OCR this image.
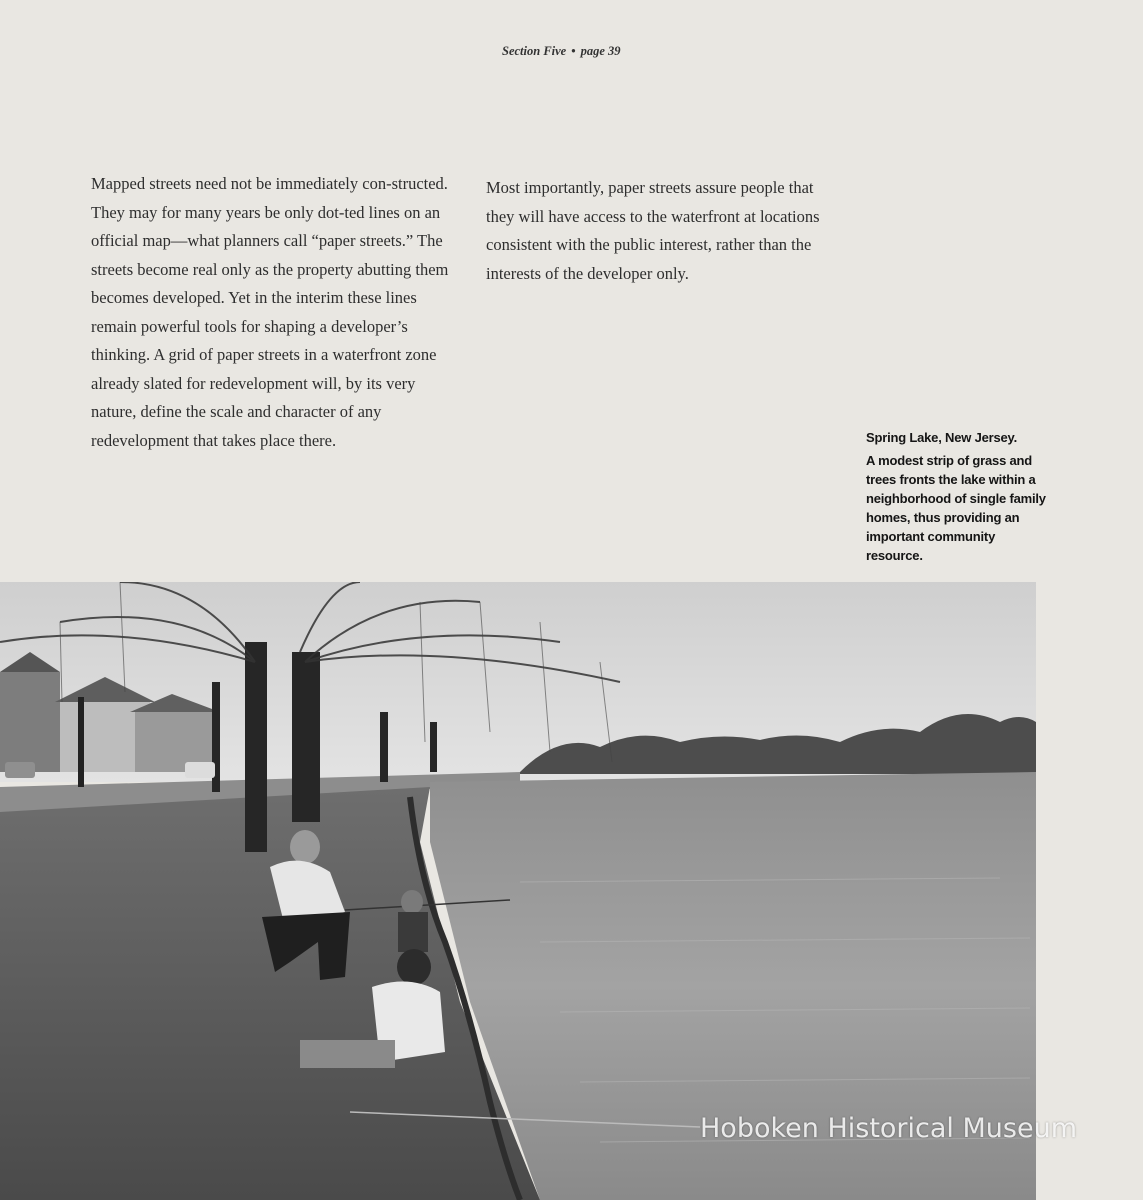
Section Five • page 39

Mapped streets need not be immediately con-structed. They may for many years be only dot-ted lines on an official map—what planners call “paper streets.” The streets become real only as the property abutting them becomes developed. Yet in the interim these lines remain powerful tools for shaping a developer’s thinking. A grid of paper streets in a waterfront zone already slated for redevelopment will, by its very nature, define the scale and character of any redevelopment that takes place there.

Most importantly, paper streets assure people that they will have access to the waterfront at locations consistent with the public interest, rather than the interests of the developer only.

Spring Lake, New Jersey.

A modest strip of grass and trees fronts the lake within a neighborhood of single family homes, thus providing an important community resource.

Hoboken Historical Museum
